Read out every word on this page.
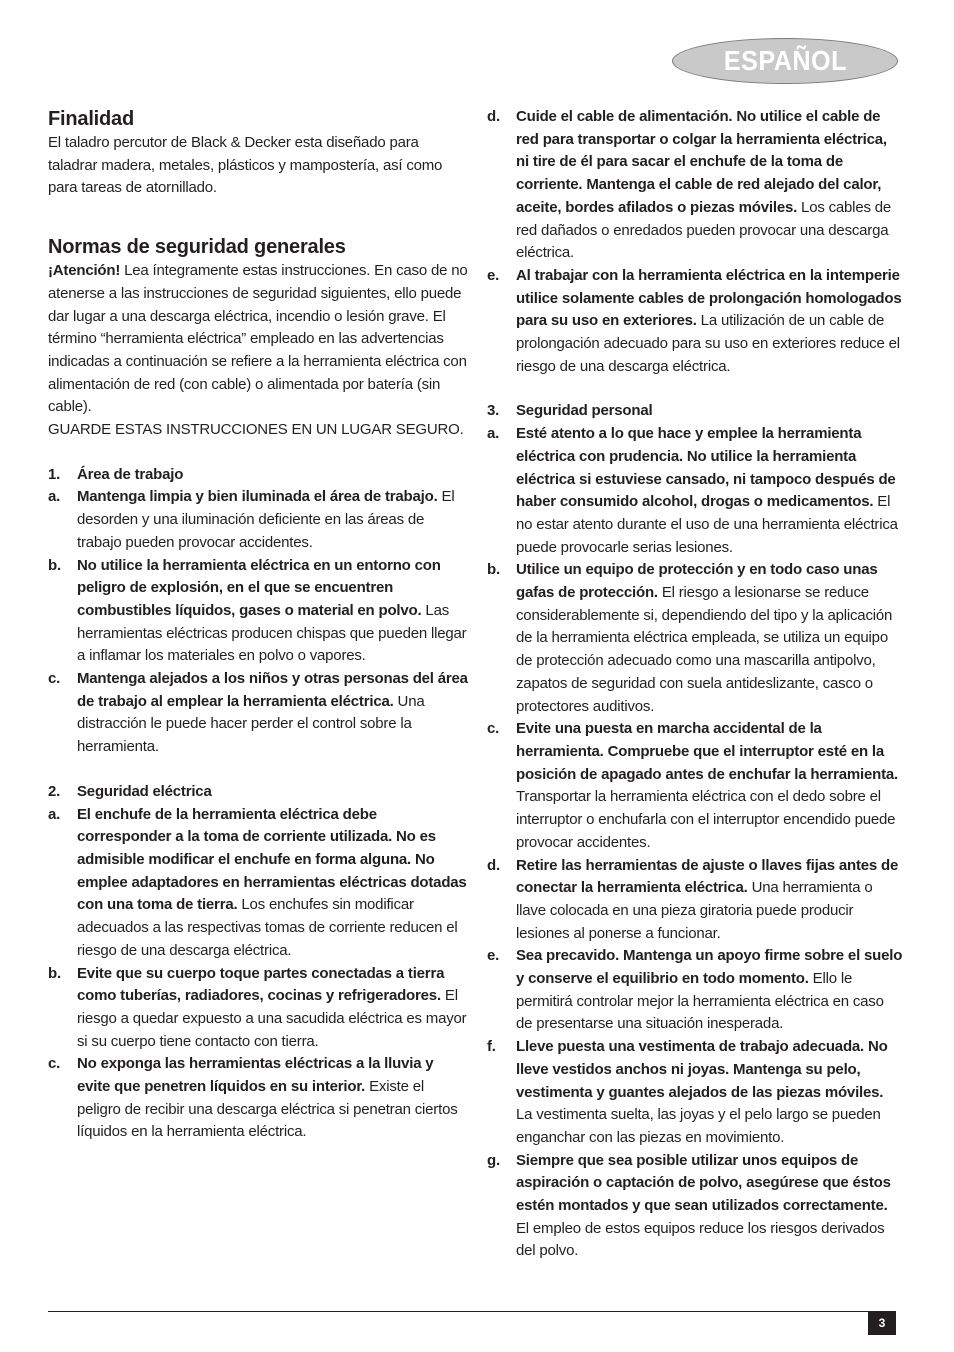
ESPAÑOL
Finalidad

El taladro percutor de Black & Decker esta diseñado para taladrar madera, metales, plásticos y mampostería, así como para tareas de atornillado.

Normas de seguridad generales

¡Atención! Lea íntegramente estas instrucciones. En caso de no atenerse a las instrucciones de seguridad siguientes, ello puede dar lugar a una descarga eléctrica, incendio o lesión grave. El término “herramienta eléctrica” empleado en las advertencias indicadas a continuación se refiere a la herramienta eléctrica con alimentación de red (con cable) o alimentada por batería (sin cable).

GUARDE ESTAS INSTRUCCIONES EN UN LUGAR SEGURO.

1.	Área de trabajo
a.	Mantenga limpia y bien iluminada el área de trabajo. El desorden y una iluminación deficiente en las áreas de trabajo pueden provocar accidentes.
b.	No utilice la herramienta eléctrica en un entorno con peligro de explosión, en el que se encuentren combustibles líquidos, gases o material en polvo. Las herramientas eléctricas producen chispas que pueden llegar a inflamar los materiales en polvo o vapores.
c.	Mantenga alejados a los niños y otras personas del área de trabajo al emplear la herramienta eléctrica. Una distracción le puede hacer perder el control sobre la herramienta.
2.	Seguridad eléctrica
a.	El enchufe de la herramienta eléctrica debe corresponder a la toma de corriente utilizada. No es admisible modificar el enchufe en forma alguna. No emplee adaptadores en herramientas eléctricas dotadas con una toma de tierra. Los enchufes sin modificar adecuados a las respectivas tomas de corriente reducen el riesgo de una descarga eléctrica.
b.	Evite que su cuerpo toque partes conectadas a tierra como tuberías, radiadores, cocinas y refrigeradores. El riesgo a quedar expuesto a una sacudida eléctrica es mayor si su cuerpo tiene contacto con tierra.
c.	No exponga las herramientas eléctricas a la lluvia y evite que penetren líquidos en su interior. Existe el peligro de recibir una descarga eléctrica si penetran ciertos líquidos en la herramienta eléctrica.
d.	Cuide el cable de alimentación. No utilice el cable de red para transportar o colgar la herramienta eléctrica, ni tire de él para sacar el enchufe de la toma de corriente. Mantenga el cable de red alejado del calor, aceite, bordes afilados o piezas móviles. Los cables de red dañados o enredados pueden provocar una descarga eléctrica.
e.	Al trabajar con la herramienta eléctrica en la intemperie utilice solamente cables de prolongación homologados para su uso en exteriores. La utilización de un cable de prolongación adecuado para su uso en exteriores reduce el riesgo de una descarga eléctrica.
3.	Seguridad personal
a.	Esté atento a lo que hace y emplee la herramienta eléctrica con prudencia. No utilice la herramienta eléctrica si estuviese cansado, ni tampoco después de haber consumido alcohol, drogas o medicamentos. El no estar atento durante el uso de una herramienta eléctrica puede provocarle serias lesiones.
b.	Utilice un equipo de protección y en todo caso unas gafas de protección. El riesgo a lesionarse se reduce considerablemente si, dependiendo del tipo y la aplicación de la herramienta eléctrica empleada, se utiliza un equipo de protección adecuado como una mascarilla antipolvo, zapatos de seguridad con suela antideslizante, casco o protectores auditivos.
c.	Evite una puesta en marcha accidental de la herramienta. Compruebe que el interruptor esté en la posición de apagado antes de enchufar la herramienta. Transportar la herramienta eléctrica con el dedo sobre el interruptor o enchufarla con el interruptor encendido puede provocar accidentes.
d.	Retire las herramientas de ajuste o llaves fijas antes de conectar la herramienta eléctrica. Una herramienta o llave colocada en una pieza giratoria puede producir lesiones al ponerse a funcionar.
e.	Sea precavido. Mantenga un apoyo firme sobre el suelo y conserve el equilibrio en todo momento. Ello le permitirá controlar mejor la herramienta eléctrica en caso de presentarse una situación inesperada.
f.	Lleve puesta una vestimenta de trabajo adecuada. No lleve vestidos anchos ni joyas. Mantenga su pelo, vestimenta y guantes alejados de las piezas móviles. La vestimenta suelta, las joyas y el pelo largo se pueden enganchar con las piezas en movimiento.
g.	Siempre que sea posible utilizar unos equipos de aspiración o captación de polvo, asegúrese que éstos estén montados y que sean utilizados correctamente. El empleo de estos equipos reduce los riesgos derivados del polvo.
3
